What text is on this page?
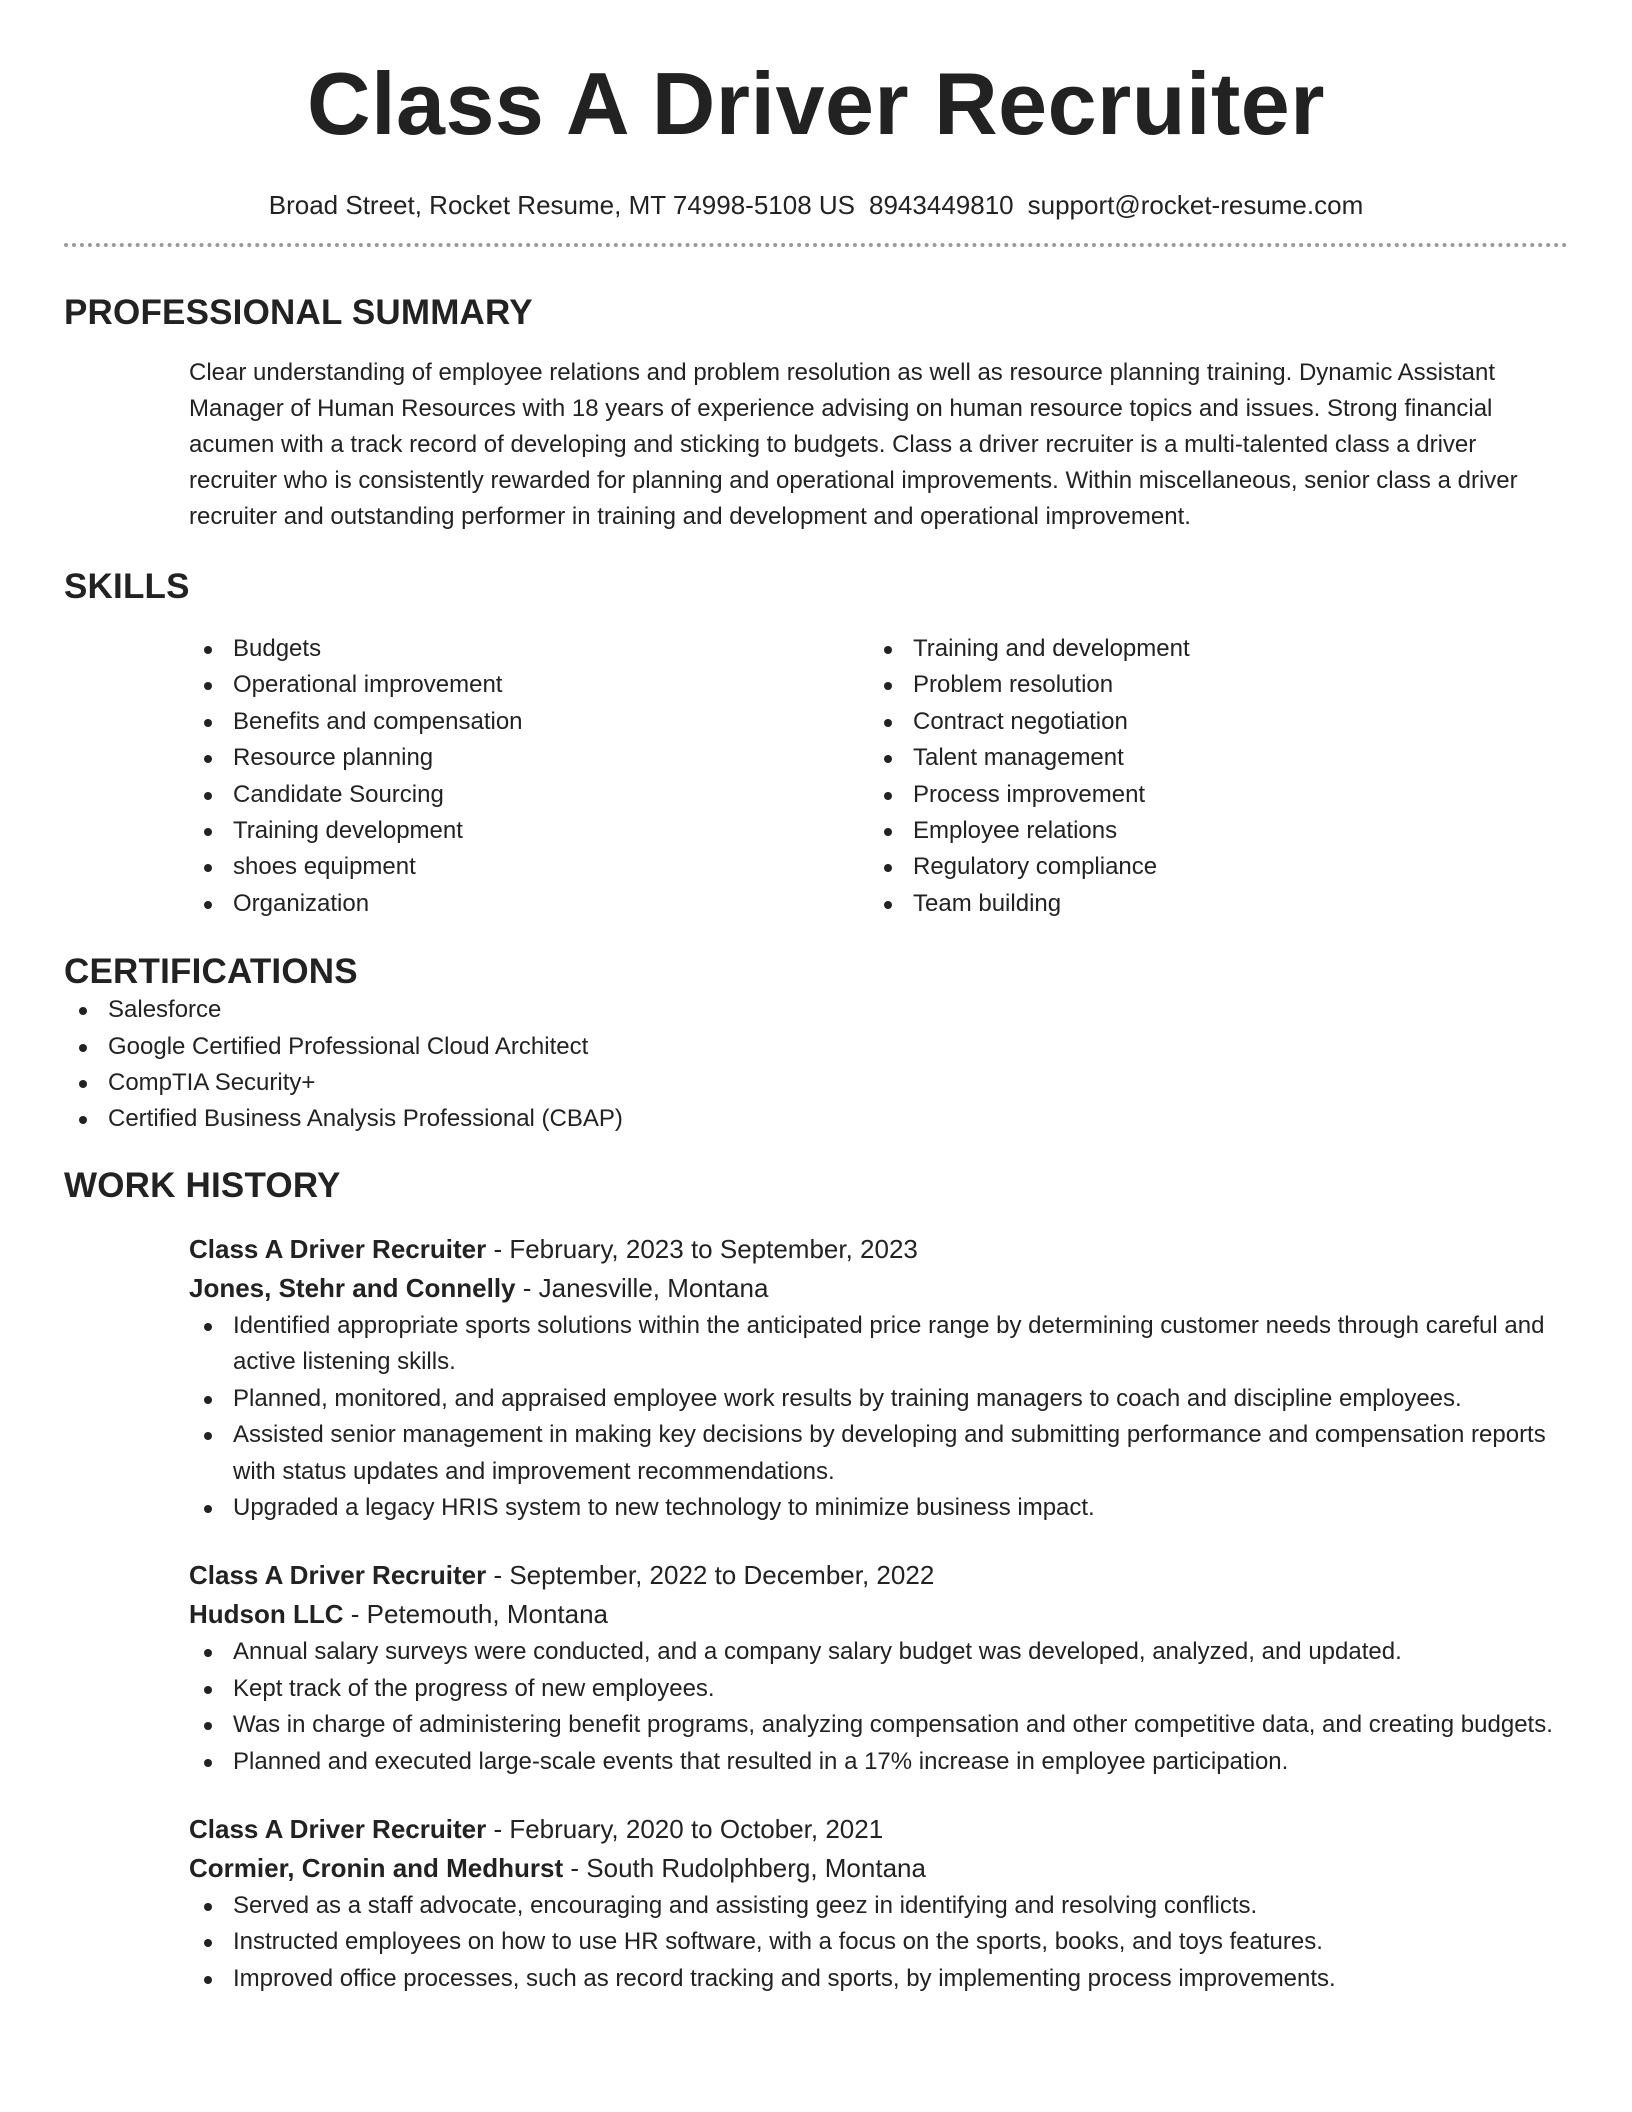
Class A Driver Recruiter
Broad Street, Rocket Resume, MT 74998-5108 US 8943449810 support@rocket-resume.com
PROFESSIONAL SUMMARY

Clear understanding of employee relations and problem resolution as well as resource planning training. Dynamic Assistant Manager of Human Resources with 18 years of experience advising on human resource topics and issues. Strong financial acumen with a track record of developing and sticking to budgets. Class a driver recruiter is a multi-talented class a driver recruiter who is consistently rewarded for planning and operational improvements. Within miscellaneous, senior class a driver recruiter and outstanding performer in training and development and operational improvement.

SKILLS
Budgets
Operational improvement
Benefits and compensation
Resource planning
Candidate Sourcing
Training development
shoes equipment
Organization
Training and development
Problem resolution
Contract negotiation
Talent management
Process improvement
Employee relations
Regulatory compliance
Team building
CERTIFICATIONS
Salesforce
Google Certified Professional Cloud Architect
CompTIA Security+
Certified Business Analysis Professional (CBAP)
WORK HISTORY
Class A Driver Recruiter - February, 2023 to September, 2023
Jones, Stehr and Connelly - Janesville, Montana
Identified appropriate sports solutions within the anticipated price range by determining customer needs through careful and active listening skills.
Planned, monitored, and appraised employee work results by training managers to coach and discipline employees.
Assisted senior management in making key decisions by developing and submitting performance and compensation reports with status updates and improvement recommendations.
Upgraded a legacy HRIS system to new technology to minimize business impact.
Class A Driver Recruiter - September, 2022 to December, 2022
Hudson LLC - Petemouth, Montana
Annual salary surveys were conducted, and a company salary budget was developed, analyzed, and updated.
Kept track of the progress of new employees.
Was in charge of administering benefit programs, analyzing compensation and other competitive data, and creating budgets.
Planned and executed large-scale events that resulted in a 17% increase in employee participation.
Class A Driver Recruiter - February, 2020 to October, 2021
Cormier, Cronin and Medhurst - South Rudolphberg, Montana
Served as a staff advocate, encouraging and assisting geez in identifying and resolving conflicts.
Instructed employees on how to use HR software, with a focus on the sports, books, and toys features.
Improved office processes, such as record tracking and sports, by implementing process improvements.
